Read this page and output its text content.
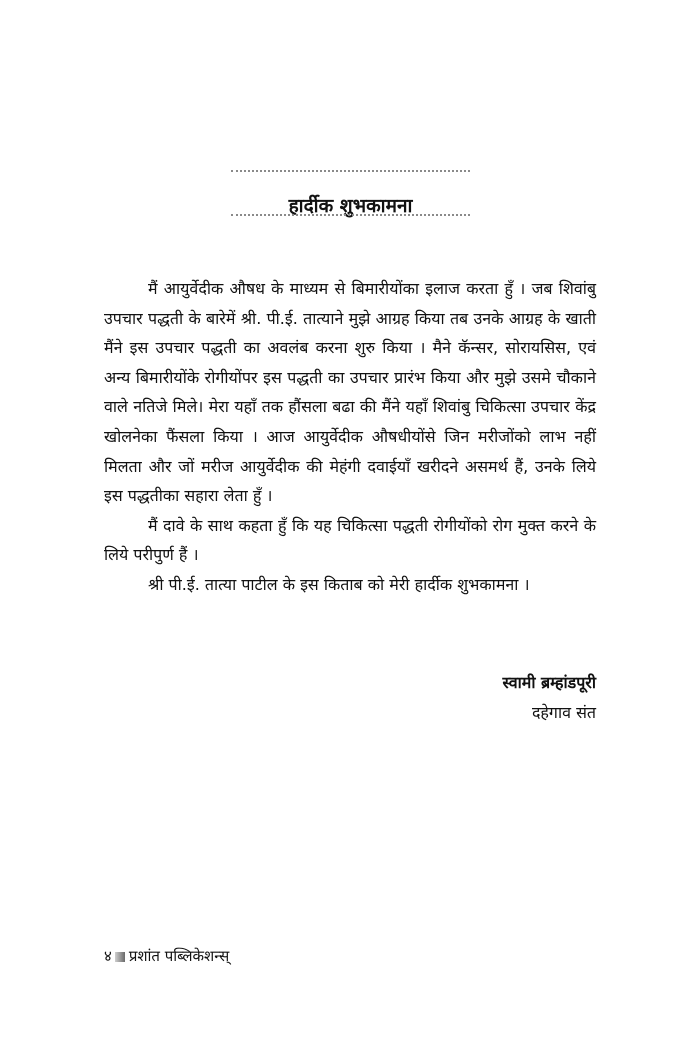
हार्दीक शुभकामना

मैं आयुर्वेदीक औषध के माध्यम से बिमारीयोंका इलाज करता हुँ । जब शिवांबु उपचार पद्धती के बारेमें श्री. पी.ई. तात्याने मुझे आग्रह किया तब उनके आग्रह के खाती मैंने इस उपचार पद्धती का अवलंब करना शुरु किया । मैने कॅन्सर, सोरायसिस, एवं अन्य बिमारीयोंके रोगीयोंपर इस पद्धती का उपचार प्रारंभ किया और मुझे उसमे चौकाने वाले नतिजे मिले। मेरा यहाँ तक हौंसला बढा की मैंने यहाँ शिवांबु चिकित्सा उपचार केंद्र खोलनेका फैंसला किया । आज आयुर्वेदीक औषधीयोंसे जिन मरीजोंको लाभ नहीं मिलता और जों मरीज आयुर्वेदीक की मेहंगी दवाईयाँ खरीदने असमर्थ हैं, उनके लिये इस पद्धतीका सहारा लेता हुँ ।

मैं दावे के साथ कहता हुँ कि यह चिकित्सा पद्धती रोगीयोंको रोग मुक्त करने के लिये परीपुर्ण हैं ।

श्री पी.ई. तात्या पाटील के इस किताब को मेरी हार्दीक शुभकामना ।

स्वामी ब्रम्हांडपूरी
दहेगाव संत
४ प्रशांत पब्लिकेशन्स्
